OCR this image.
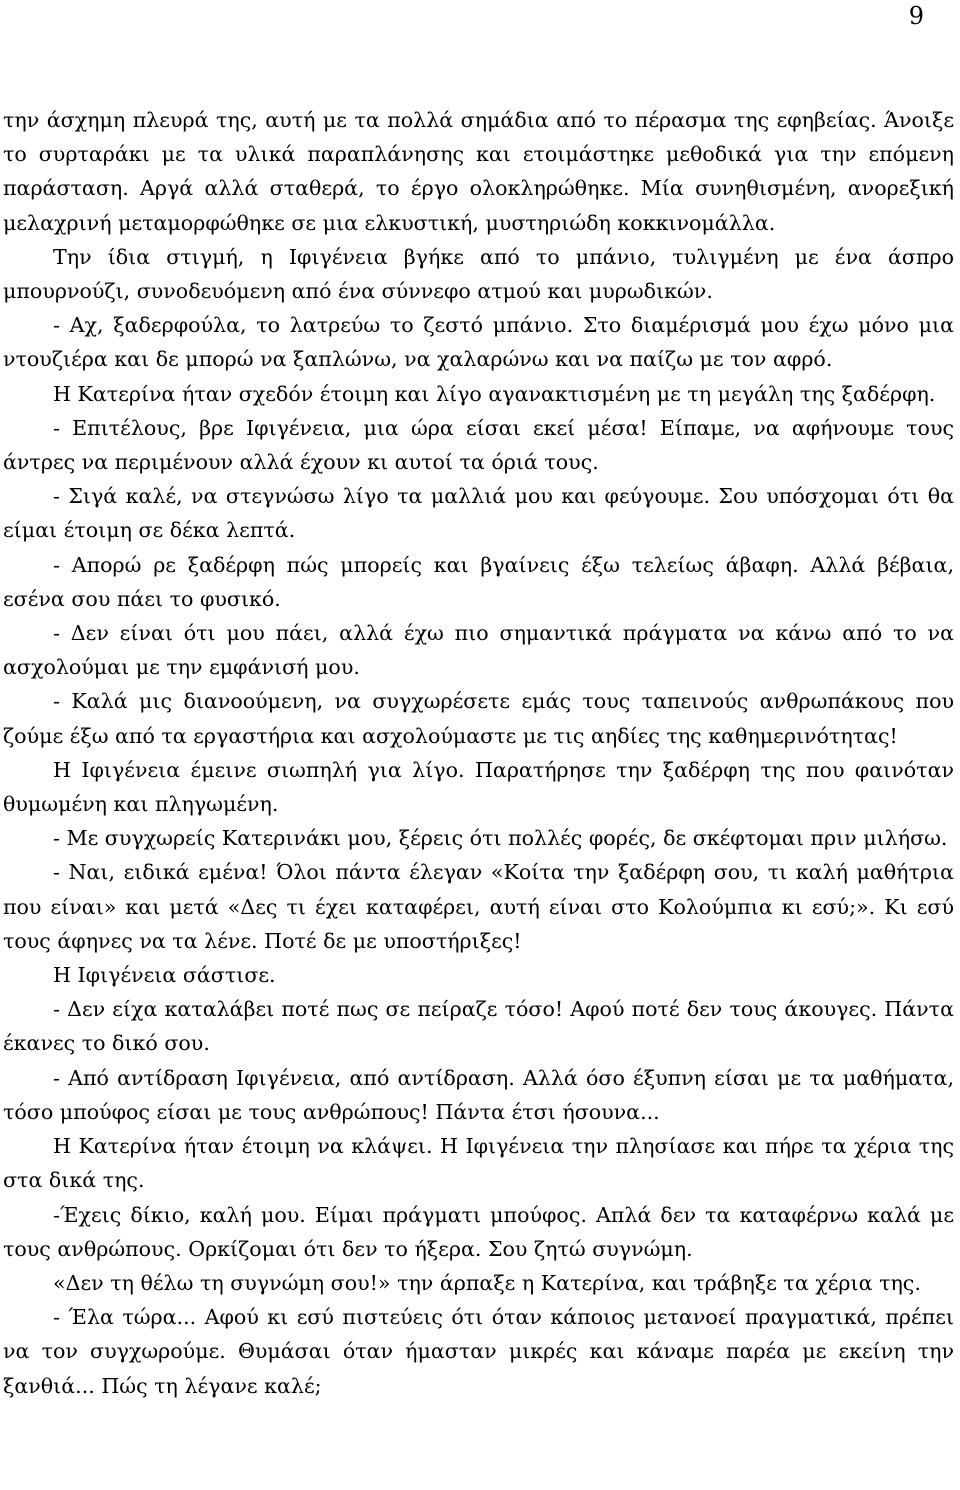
9

την άσχημη πλευρά της, αυτή με τα πολλά σημάδια από το πέρασμα της εφηβείας. Άνοιξε το συρταράκι με τα υλικά παραπλάνησης και ετοιμάστηκε μεθοδικά για την επόμενη παράσταση. Αργά αλλά σταθερά, το έργο ολοκληρώθηκε. Μία συνηθισμένη, ανορεξική μελαχρινή μεταμορφώθηκε σε μια ελκυστική, μυστηριώδη κοκκινομάλλα.

Την ίδια στιγμή, η Ιφιγένεια βγήκε από το μπάνιο, τυλιγμένη με ένα άσπρο μπουρνούζι, συνοδευόμενη από ένα σύννεφο ατμού και μυρωδικών.

- Αχ, ξαδερφούλα, το λατρεύω το ζεστό μπάνιο. Στο διαμέρισμά μου έχω μόνο μια ντουζιέρα και δε μπορώ να ξαπλώνω, να χαλαρώνω και να παίζω με τον αφρό.

Η Κατερίνα ήταν σχεδόν έτοιμη και λίγο αγανακτισμένη με τη μεγάλη της ξαδέρφη.

- Επιτέλους, βρε Ιφιγένεια, μια ώρα είσαι εκεί μέσα! Είπαμε, να αφήνουμε τους άντρες να περιμένουν αλλά έχουν κι αυτοί τα όριά τους.

- Σιγά καλέ, να στεγνώσω λίγο τα μαλλιά μου και φεύγουμε. Σου υπόσχομαι ότι θα είμαι έτοιμη σε δέκα λεπτά.

- Απορώ ρε ξαδέρφη πώς μπορείς και βγαίνεις έξω τελείως άβαφη. Αλλά βέβαια, εσένα σου πάει το φυσικό.

- Δεν είναι ότι μου πάει, αλλά έχω πιο σημαντικά πράγματα να κάνω από το να ασχολούμαι με την εμφάνισή μου.

- Καλά μις διανοούμενη, να συγχωρέσετε εμάς τους ταπεινούς ανθρωπάκους που ζούμε έξω από τα εργαστήρια και ασχολούμαστε με τις αηδίες της καθημερινότητας!

Η Ιφιγένεια έμεινε σιωπηλή για λίγο. Παρατήρησε την ξαδέρφη της που φαινόταν θυμωμένη και πληγωμένη.

- Με συγχωρείς Κατερινάκι μου, ξέρεις ότι πολλές φορές, δε σκέφτομαι πριν μιλήσω.

- Ναι, ειδικά εμένα! Όλοι πάντα έλεγαν «Κοίτα την ξαδέρφη σου, τι καλή μαθήτρια που είναι» και μετά «Δες τι έχει καταφέρει, αυτή είναι στο Κολούμπια κι εσύ;». Κι εσύ τους άφηνες να τα λένε. Ποτέ δε με υποστήριξες!

Η Ιφιγένεια σάστισε.

- Δεν είχα καταλάβει ποτέ πως σε πείραζε τόσο! Αφού ποτέ δεν τους άκουγες. Πάντα έκανες το δικό σου.

- Από αντίδραση Ιφιγένεια, από αντίδραση. Αλλά όσο έξυπνη είσαι με τα μαθήματα, τόσο μπούφος είσαι με τους ανθρώπους! Πάντα έτσι ήσουνα...

Η Κατερίνα ήταν έτοιμη να κλάψει. Η Ιφιγένεια την πλησίασε και πήρε τα χέρια της στα δικά της.

-Έχεις δίκιο, καλή μου. Είμαι πράγματι μπούφος. Απλά δεν τα καταφέρνω καλά με τους ανθρώπους. Ορκίζομαι ότι δεν το ήξερα. Σου ζητώ συγνώμη.

«Δεν τη θέλω τη συγνώμη σου!» την άρπαξε η Κατερίνα, και τράβηξε τα χέρια της.

- Έλα τώρα... Αφού κι εσύ πιστεύεις ότι όταν κάποιος μετανοεί πραγματικά, πρέπει να τον συγχωρούμε. Θυμάσαι όταν ήμασταν μικρές και κάναμε παρέα με εκείνη την ξανθιά... Πώς τη λέγανε καλέ;
